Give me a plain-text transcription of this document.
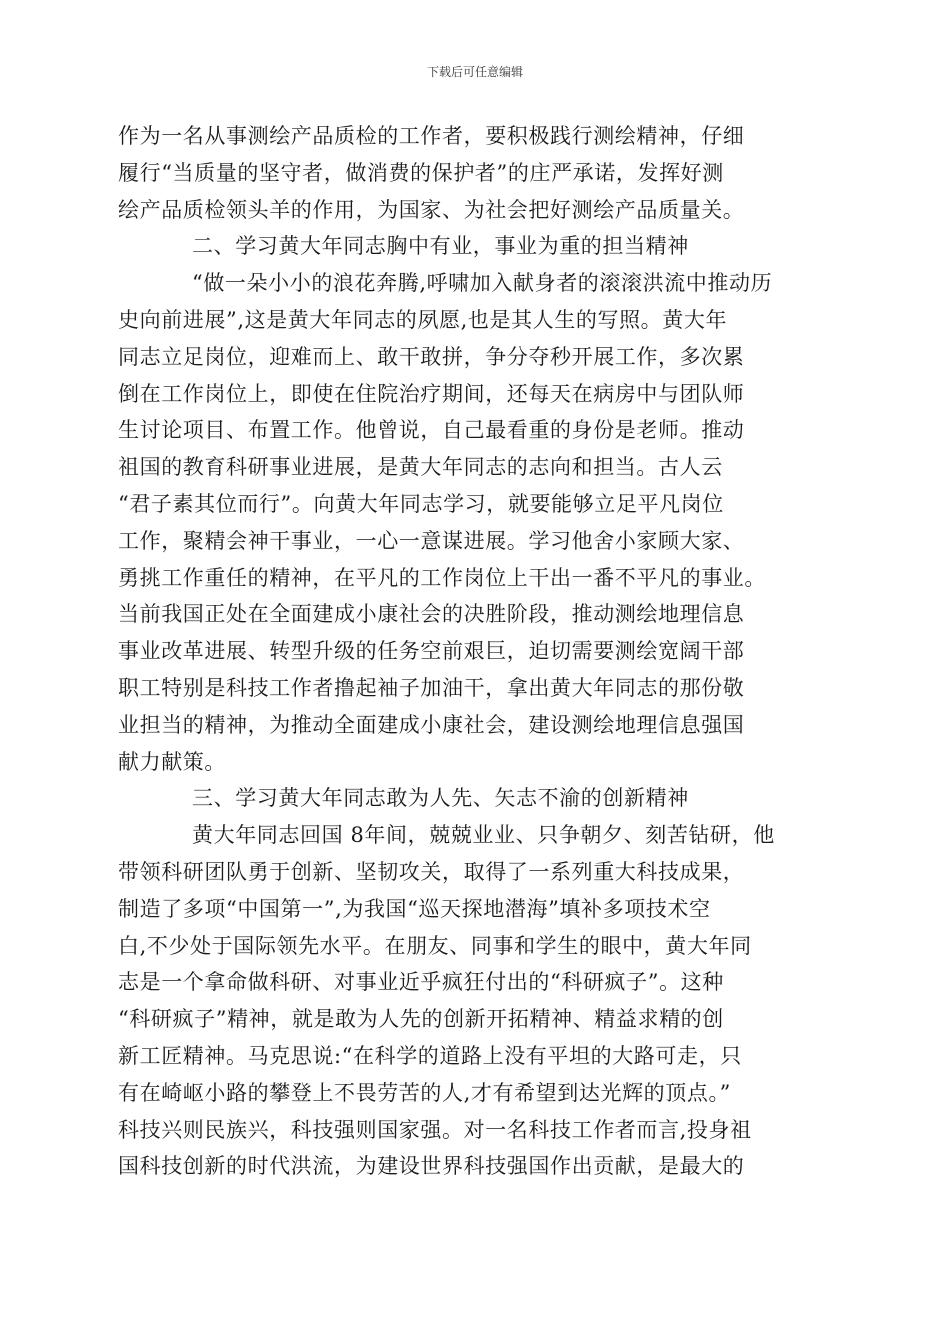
下载后可任意编辑
作为一名从事测绘产品质检的工作者，要积极践行测绘精神，仔细
履行“当质量的坚守者，做消费的保护者”的庄严承诺，发挥好测
绘产品质检领头羊的作用，为国家、为社会把好测绘产品质量关。
二、学习黄大年同志胸中有业，事业为重的担当精神
“做一朵小小的浪花奔腾,呼啸加入献身者的滚滚洪流中推动历
史向前进展”,这是黄大年同志的夙愿,也是其人生的写照。黄大年
同志立足岗位，迎难而上、敢干敢拼，争分夺秒开展工作，多次累
倒在工作岗位上，即使在住院治疗期间，还每天在病房中与团队师
生讨论项目、布置工作。他曾说，自己最看重的身份是老师。推动
祖国的教育科研事业进展，是黄大年同志的志向和担当。古人云
“君子素其位而行”。向黄大年同志学习，就要能够立足平凡岗位
工作，聚精会神干事业，一心一意谋进展。学习他舍小家顾大家、
勇挑工作重任的精神，在平凡的工作岗位上干出一番不平凡的事业。
当前我国正处在全面建成小康社会的决胜阶段，推动测绘地理信息
事业改革进展、转型升级的任务空前艰巨，迫切需要测绘宽阔干部
职工特别是科技工作者撸起袖子加油干，拿出黄大年同志的那份敬
业担当的精神，为推动全面建成小康社会，建设测绘地理信息强国
献力献策。
三、学习黄大年同志敢为人先、矢志不渝的创新精神
黄大年同志回国 8年间，兢兢业业、只争朝夕、刻苦钻研，他
带领科研团队勇于创新、坚韧攻关，取得了一系列重大科技成果，
制造了多项“中国第一”,为我国“巡天探地潜海”填补多项技术空
白,不少处于国际领先水平。在朋友、同事和学生的眼中，黄大年同
志是一个拿命做科研、对事业近乎疯狂付出的“科研疯子”。这种
“科研疯子”精神，就是敢为人先的创新开拓精神、精益求精的创
新工匠精神。马克思说:“在科学的道路上没有平坦的大路可走，只
有在崎岖小路的攀登上不畏劳苦的人,才有希望到达光辉的顶点。”
科技兴则民族兴，科技强则国家强。对一名科技工作者而言,投身祖
国科技创新的时代洪流，为建设世界科技强国作出贡献，是最大的
